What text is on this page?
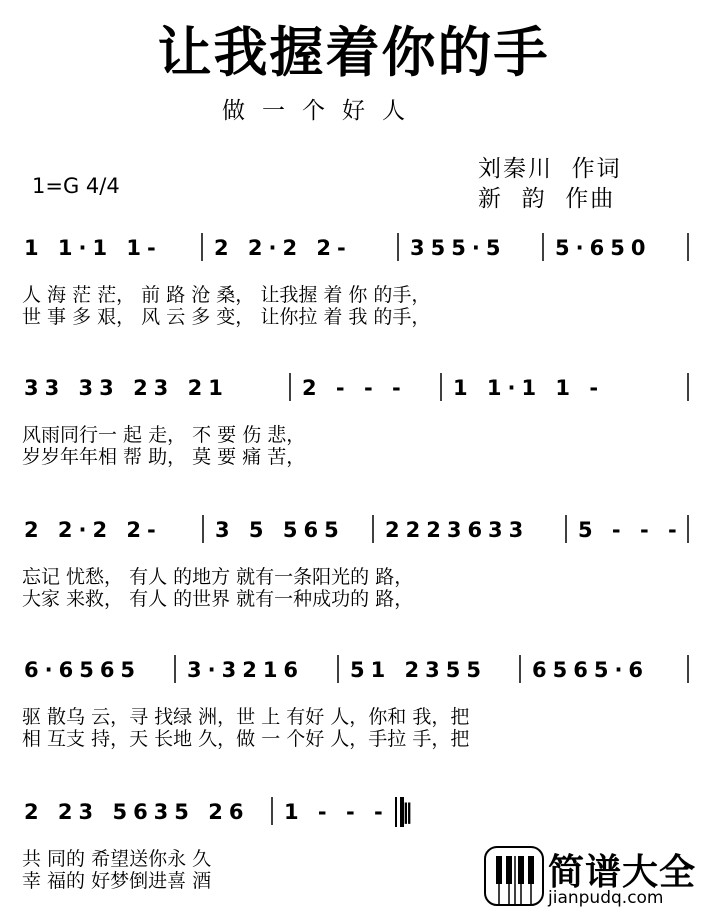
让我握着你的手
做一个好人
1=G 4/4
刘秦川  作词
新  韵  作曲
1 1·1 1- 2 2·2 2-	355·5 5·650
人 海 茫 茫， 前 路 沧 桑， 让我握 着 你 的手，
世 事 多 艰， 风 云 多 变， 让你拉 着 我 的手，
33 33 23 21	2 - - - 1 1·1 1 -
风雨同行一 起 走， 不 要 伤 悲，
岁岁年年相 帮 助， 莫 要 痛 苦，
2 2·2 2-	3 5 565 2223633 5 - - -
忘记 忧愁， 有人 的地方 就有一条阳光的 路，
大家 来救， 有人 的世界 就有一种成功的 路，
6·6565 3·3216 51 2355 6565·6
驱 散乌 云，寻 找绿 洲，世 上 有好 人，你和 我，把
相 互支 持，天 长地 久，做 一 个好 人，手拉 手，把
2 23 5635 26 1 - - - ‖
共 同的 希望送你永 久
幸 福的 好梦倒进喜 酒	简谱大全
jianpudq.com
